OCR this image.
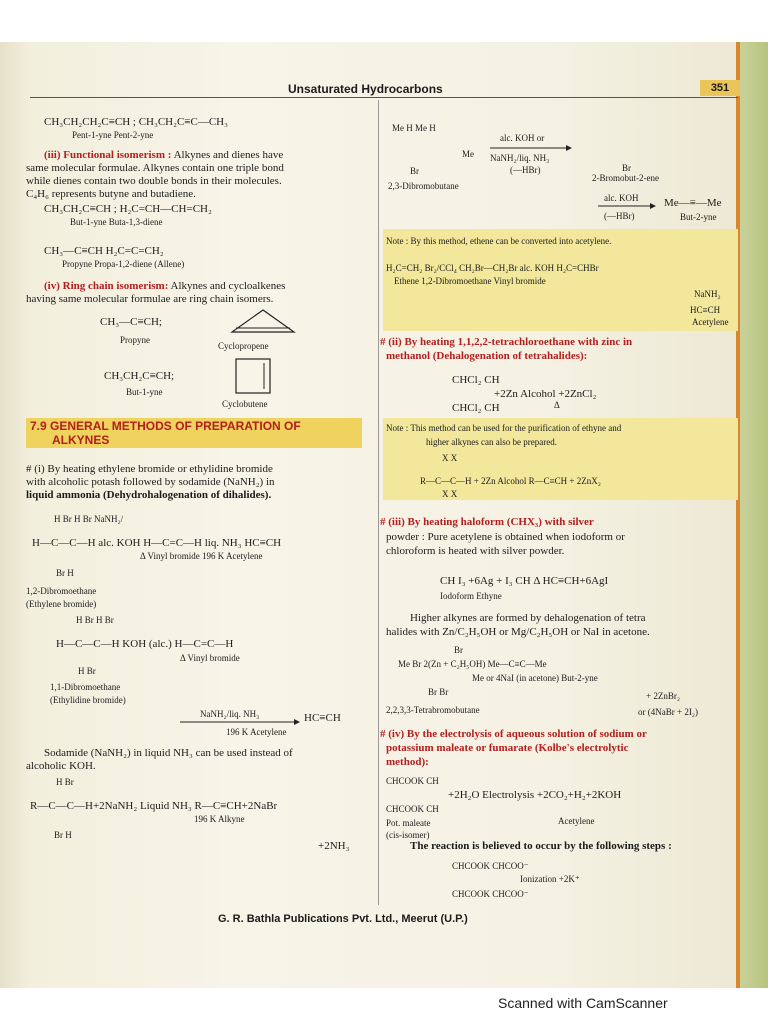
Unsaturated Hydrocarbons	351
CH₃CH₂CH₂C≡CH ; CH₃CH₂C≡C—CH₃
Pent-1-yne Pent-2-yne
(iii) Functional isomerism : Alkynes and dienes have
same molecular formulae. Alkynes contain one triple bond
while dienes contain two double bonds in their molecules.
C₄H₆ represents butyne and butadiene.
CH₃CH₂C≡CH ; H₂C=CH—CH=CH₂
But-1-yne Buta-1,3-diene
CH₃—C≡CH H₂C=C=CH₂
Propyne Propa-1,2-diene (Allene)
(iv) Ring chain isomerism: Alkynes and cycloalkenes
having same molecular formulae are ring chain isomers.
CH₃—C≡CH;
Propyne
Cyclopropene
CH₃CH₂C≡CH;
But-1-yne
Cyclobutene
7.9 GENERAL METHODS OF PREPARATION OF
ALKYNES
# (i) By heating ethylene bromide or ethylidine bromide
with alcoholic potash followed by sodamide (NaNH₂) in
liquid ammonia (Dehydrohalogenation of dihalides).
H Br H Br NaNH₂/
H—C—C—H alc. KOH H—C=C—H liq. NH₃ HC≡CH
Δ Vinyl bromide 196 K Acetylene
Br H
1,2-Dibromoethane
(Ethylene bromide)
H Br H Br
H—C—C—H KOH (alc.) H—C=C—H
Δ Vinyl bromide
H Br
1,1-Dibromoethane
(Ethylidine bromide)
NaNH₂/liq. NH₃	HC≡CH
196 K Acetylene
Sodamide (NaNH₂) in liquid NH₃ can be used instead of
alcoholic KOH.
H Br
R—C—C—H+2NaNH₂ Liquid NH₃ R—C≡CH+2NaBr
196 K Alkyne
Br H
+2NH₃
Me H Me H
alc. KOH or
NaNH₂/liq. NH₃
(—HBr)
Me
Br
2,3-Dibromobutane
Br
2-Bromobut-2-ene
alc. KOH
(—HBr)
Me—≡—Me
But-2-yne
Note : By this method, ethene can be converted into acetylene.
H₂C=CH₂ Br₂/CCl₄ CH₂Br—CH₂Br alc. KOH H₂C=CHBr
Ethene 1,2-Dibromoethane Vinyl bromide
NaNH₂
HC≡CH
Acetylene
# (ii) By heating 1,1,2,2-tetrachloroethane with zinc in
methanol (Dehalogenation of tetrahalides):
CHCl₂ CH
+2Zn Alcohol +2ZnCl₂
Δ
CHCl₂ CH
Note : This method can be used for the purification of ethyne and
higher alkynes can also be prepared.
X X
R—C—C—H + 2Zn Alcohol R—C≡CH + 2ZnX₂
X X
# (iii) By heating haloform (CHX₃) with silver
powder : Pure acetylene is obtained when iodoform or
chloroform is heated with silver powder.
CH I₃ +6Ag + I₃ CH Δ HC≡CH+6AgI
Iodoform Ethyne
Higher alkynes are formed by dehalogenation of tetra
halides with Zn/C₂H₅OH or Mg/C₂H₅OH or NaI in acetone.
Br
Me Br 2(Zn + C₂H₅OH) Me—C≡C—Me
Me or 4NaI (in acetone) But-2-yne
Br Br	+ 2ZnBr₂
2,2,3,3-Tetrabromobutane	or (4NaBr + 2I₂)
# (iv) By the electrolysis of aqueous solution of sodium or
potassium maleate or fumarate (Kolbe's electrolytic
method):
CHCOOK CH
+2H₂O Electrolysis +2CO₂+H₂+2KOH
CHCOOK CH
Pot. maleate
(cis-isomer)
Acetylene
The reaction is believed to occur by the following steps :
CHCOOK CHCOO⁻
Ionization +2K⁺
CHCOOK CHCOO⁻
G. R. Bathla Publications Pvt. Ltd., Meerut (U.P.)
Scanned with CamScanner
